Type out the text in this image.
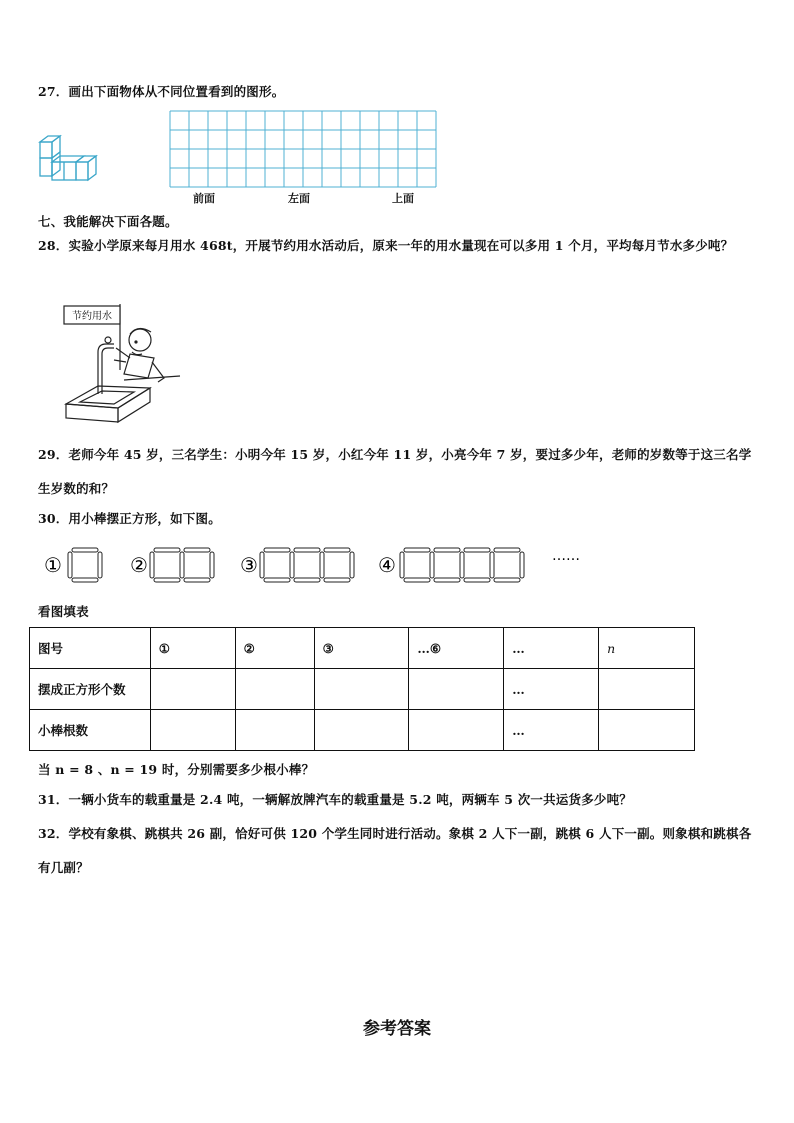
27．画出下面物体从不同位置看到的图形。
前面	左面	上面
七、我能解决下面各题。
28．实验小学原来每月用水 468t，开展节约用水活动后，原来一年的用水量现在可以多用 1 个月，平均每月节水多少吨？
节约用水
29．老师今年 45 岁，三名学生：小明今年 15 岁，小红今年 11 岁，小亮今年 7 岁，要过多少年，老师的岁数等于这三名学生岁数的和？
30．用小棒摆正方形，如下图。
①	②	③	④	……
看图填表
图号	①	②	③	…⑥	…	n
摆成正方形个数					…	
小棒根数					…	
当 n = 8 、n = 19 时，分别需要多少根小棒？
31．一辆小货车的载重量是 2.4 吨，一辆解放牌汽车的载重量是 5.2 吨，两辆车 5 次一共运货多少吨？
32．学校有象棋、跳棋共 26 副，恰好可供 120 个学生同时进行活动。象棋 2 人下一副，跳棋 6 人下一副。则象棋和跳棋各有几副？
参考答案
